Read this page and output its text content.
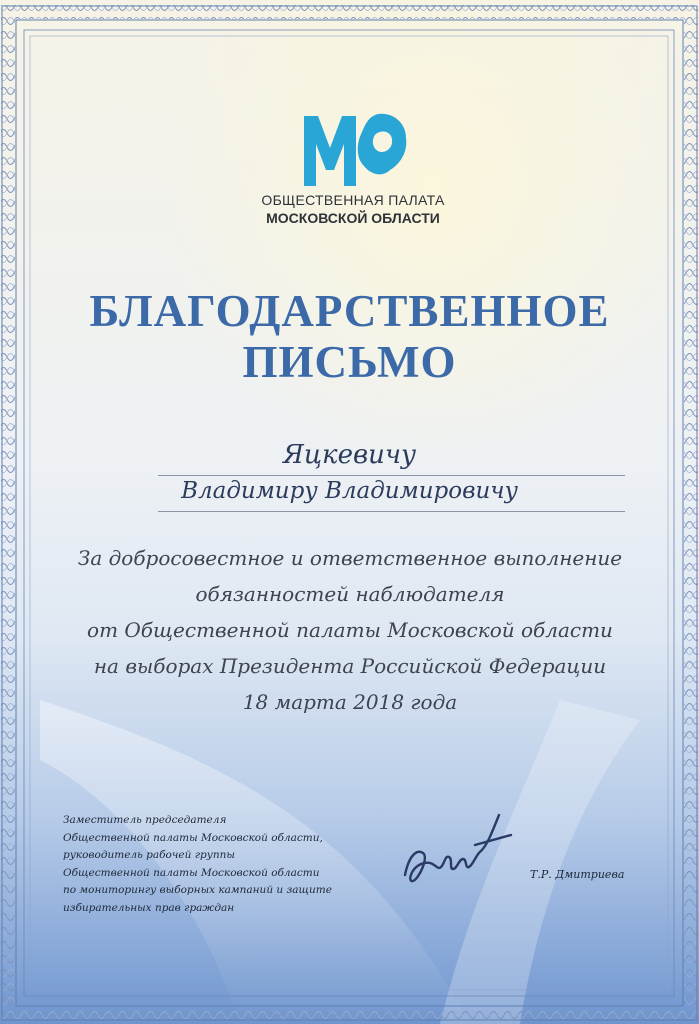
ОБЩЕСТВЕННАЯ ПАЛАТА
МОСКОВСКОЙ ОБЛАСТИ
БЛАГОДАРСТВЕННОЕ
ПИСЬМО
Яцкевичу
Владимиру Владимировичу
За добросовестное и ответственное выполнение
обязанностей наблюдателя
от Общественной палаты Московской области
на выборах Президента Российской Федерации
18 марта 2018 года
Заместитель председателя
Общественной палаты Московской области,
руководитель рабочей группы
Общественной палаты Московской области
по мониторингу выборных кампаний и защите
избирательных прав граждан
Т.Р. Дмитриева
